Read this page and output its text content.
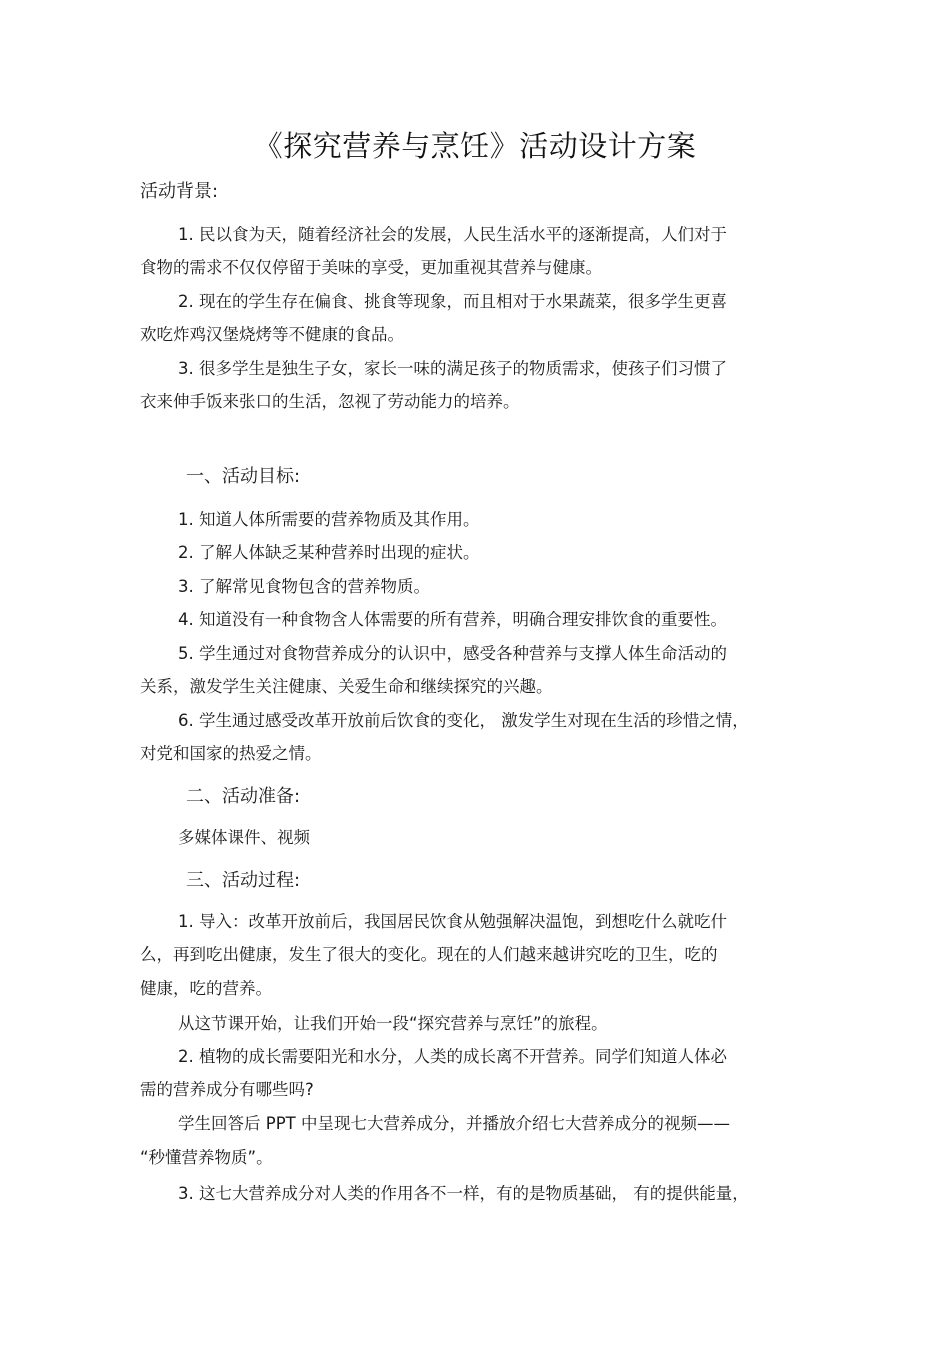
《探究营养与烹饪》活动设计方案
活动背景:
1. 民以食为天，随着经济社会的发展，人民生活水平的逐渐提高，人们对于
食物的需求不仅仅停留于美味的享受，更加重视其营养与健康。
2. 现在的学生存在偏食、挑食等现象，而且相对于水果蔬菜，很多学生更喜
欢吃炸鸡汉堡烧烤等不健康的食品。
3. 很多学生是独生子女，家长一味的满足孩子的物质需求，使孩子们习惯了
衣来伸手饭来张口的生活，忽视了劳动能力的培养。
一、活动目标:
1. 知道人体所需要的营养物质及其作用。
2. 了解人体缺乏某种营养时出现的症状。
3. 了解常见食物包含的营养物质。
4. 知道没有一种食物含人体需要的所有营养，明确合理安排饮食的重要性。
5. 学生通过对食物营养成分的认识中，感受各种营养与支撑人体生命活动的
关系，激发学生关注健康、关爱生命和继续探究的兴趣。
6. 学生通过感受改革开放前后饮食的变化， 激发学生对现在生活的珍惜之情，
对党和国家的热爱之情。
二、活动准备:
多媒体课件、视频
三、活动过程:
1. 导入：改革开放前后，我国居民饮食从勉强解决温饱，到想吃什么就吃什
么，再到吃出健康，发生了很大的变化。现在的人们越来越讲究吃的卫生，吃的
健康，吃的营养。
从这节课开始，让我们开始一段“探究营养与烹饪”的旅程。
2. 植物的成长需要阳光和水分，人类的成长离不开营养。同学们知道人体必
需的营养成分有哪些吗?
学生回答后 PPT 中呈现七大营养成分，并播放介绍七大营养成分的视频——
“秒懂营养物质”。
3. 这七大营养成分对人类的作用各不一样，有的是物质基础， 有的提供能量，
